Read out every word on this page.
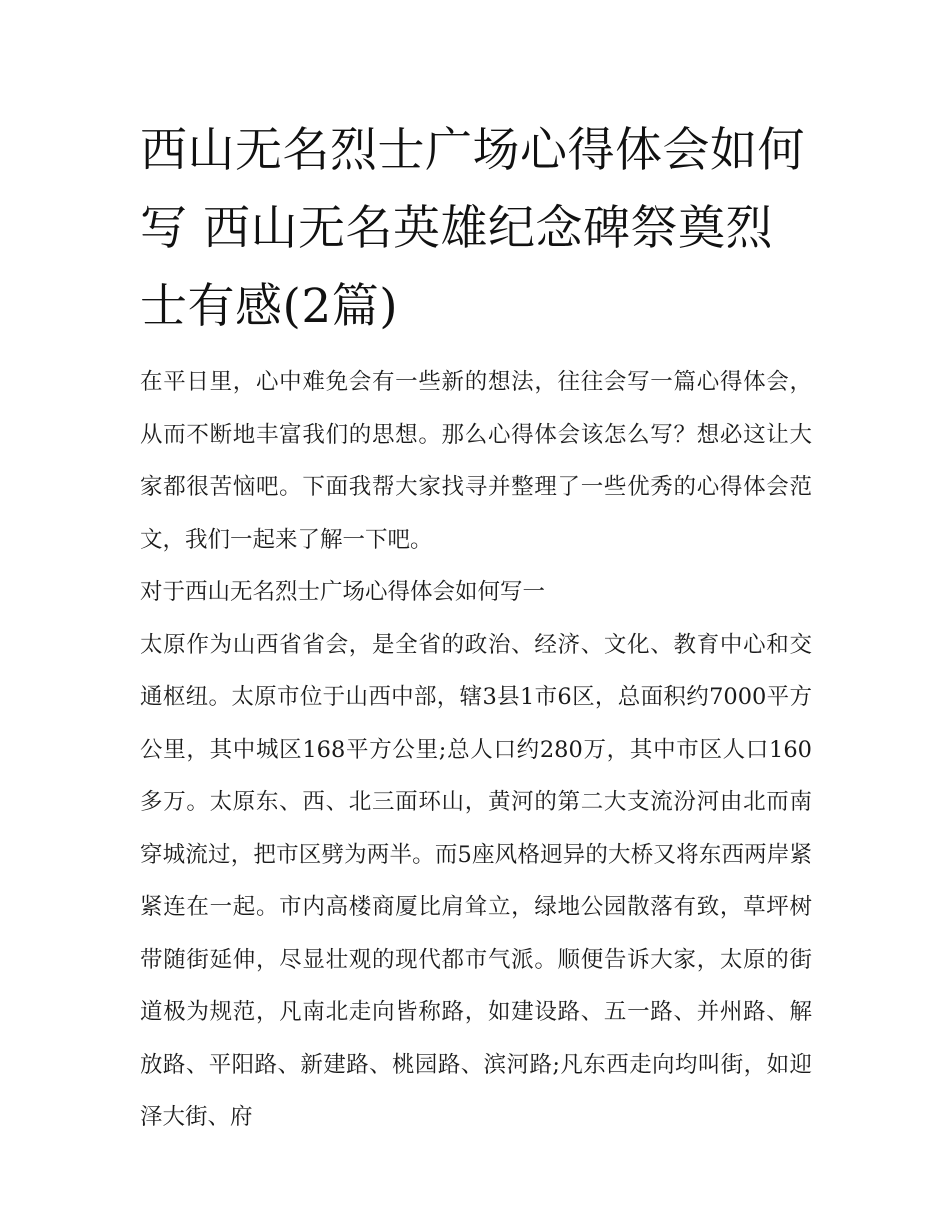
西山无名烈士广场心得体会如何写 西山无名英雄纪念碑祭奠烈士有感(2篇)

在平日里，心中难免会有一些新的想法，往往会写一篇心得体会，从而不断地丰富我们的思想。那么心得体会该怎么写？想必这让大家都很苦恼吧。下面我帮大家找寻并整理了一些优秀的心得体会范文，我们一起来了解一下吧。

对于西山无名烈士广场心得体会如何写一

太原作为山西省省会，是全省的政治、经济、文化、教育中心和交通枢纽。太原市位于山西中部，辖3县1市6区，总面积约7000平方公里，其中城区168平方公里;总人口约280万，其中市区人口160多万。太原东、西、北三面环山，黄河的第二大支流汾河由北而南穿城流过，把市区劈为两半。而5座风格迥异的大桥又将东西两岸紧紧连在一起。市内高楼商厦比肩耸立，绿地公园散落有致，草坪树带随街延伸，尽显壮观的现代都市气派。顺便告诉大家，太原的街道极为规范，凡南北走向皆称路，如建设路、五一路、并州路、解放路、平阳路、新建路、桃园路、滨河路;凡东西走向均叫街，如迎泽大街、府
